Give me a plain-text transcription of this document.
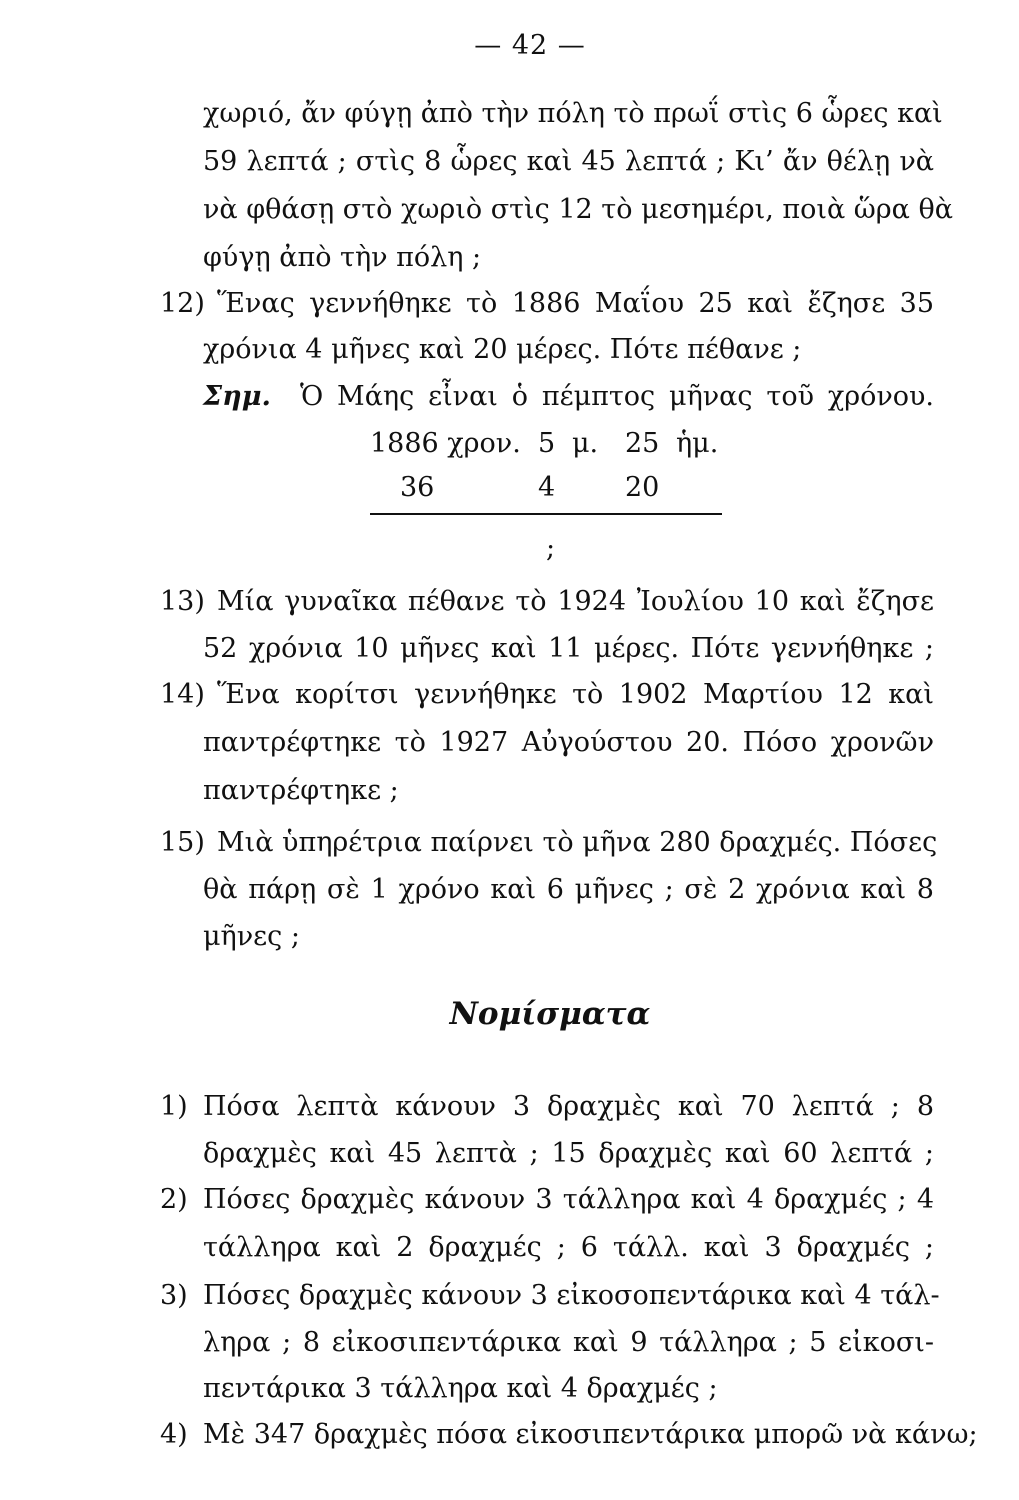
— 42 —
χωριό, ἄν φύγῃ ἀπὸ τὴν πόλη τὸ πρωΐ στὶς 6 ὧρες καὶ
59 λεπτά ; στὶς 8 ὧρες καὶ 45 λεπτά ; Κι’ ἄν θέλῃ νὰ
νὰ φθάσῃ στὸ χωριὸ στὶς 12 τὸ μεσημέρι, ποιὰ ὥρα θὰ
φύγῃ ἀπὸ τὴν πόλη ;
12) Ἕνας γεννήθηκε τὸ 1886 Μαΐου 25 καὶ ἔζησε 35
χρόνια 4 μῆνες καὶ 20 μέρες. Πότε πέθανε ;
Σημ. Ὁ Μάης εἶναι ὁ πέμπτος μῆνας τοῦ χρόνου.
1886 χρον. 5 μ. 25 ἡμ.
36	4	20
;
13) Μία γυναῖκα πέθανε τὸ 1924 Ἰουλίου 10 καὶ ἔζησε
52 χρόνια 10 μῆνες καὶ 11 μέρες. Πότε γεννήθηκε ;
14) Ἕνα κορίτσι γεννήθηκε τὸ 1902 Μαρτίου 12 καὶ
παντρέφτηκε τὸ 1927 Αὐγούστου 20. Πόσο χρονῶν
παντρέφτηκε ;
15) Μιὰ ὑπηρέτρια παίρνει τὸ μῆνα 280 δραχμές. Πόσες
θὰ πάρῃ σὲ 1 χρόνο καὶ 6 μῆνες ; σὲ 2 χρόνια καὶ 8
μῆνες ;
Νομίσματα
1) Πόσα λεπτὰ κάνουν 3 δραχμὲς καὶ 70 λεπτά ; 8
δραχμὲς καὶ 45 λεπτὰ ; 15 δραχμὲς καὶ 60 λεπτά ;
2) Πόσες δραχμὲς κάνουν 3 τάλληρα καὶ 4 δραχμές ; 4
τάλληρα καὶ 2 δραχμές ; 6 τάλλ. καὶ 3 δραχμές ;
3) Πόσες δραχμὲς κάνουν 3 εἰκοσοπεντάρικα καὶ 4 τάλ-
ληρα ; 8 εἰκοσιπεντάρικα καὶ 9 τάλληρα ; 5 εἰκοσι-
πεντάρικα 3 τάλληρα καὶ 4 δραχμές ;
4) Μὲ 347 δραχμὲς πόσα εἰκοσιπεντάρικα μπορῶ νὰ κάνω;
